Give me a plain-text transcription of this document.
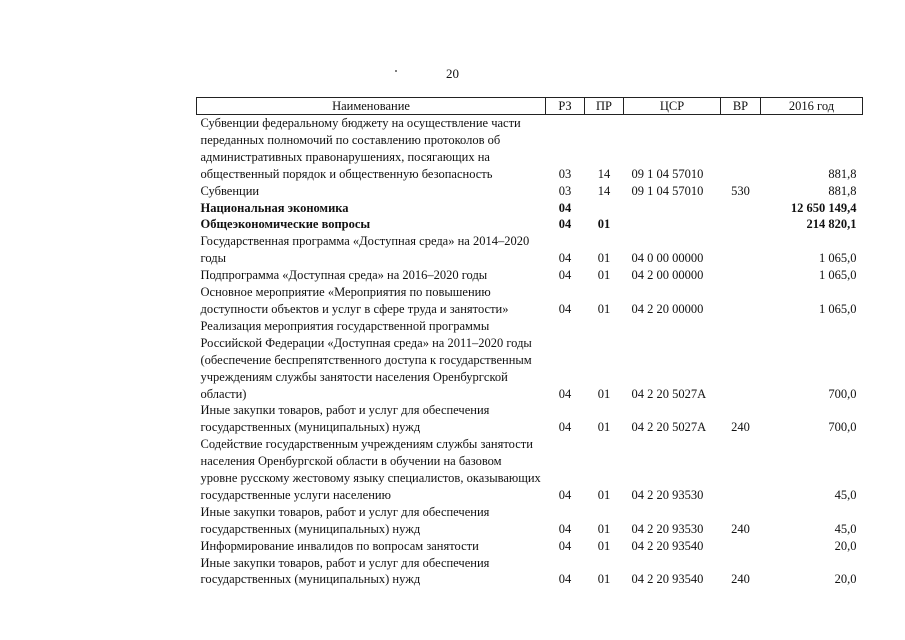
20
Наименование	РЗ	ПР	ЦСР	ВР	2016 год
Субвенции федеральному бюджету на осуществление части переданных полномочий по составлению протоколов об административных правонарушениях, посягающих на общественный порядок и общественную безопасность	03	14	09 1 04 57010		881,8
Субвенции	03	14	09 1 04 57010	530	881,8
Национальная экономика	04				12 650 149,4
Общеэкономические вопросы	04	01			214 820,1
Государственная программа «Доступная среда» на 2014–2020 годы	04	01	04 0 00 00000		1 065,0
Подпрограмма «Доступная среда» на 2016–2020 годы	04	01	04 2 00 00000		1 065,0
Основное мероприятие «Мероприятия по повышению доступности объектов и услуг в сфере труда и занятости»	04	01	04 2 20 00000		1 065,0
Реализация мероприятия государственной программы Российской Федерации «Доступная среда» на 2011–2020 годы (обеспечение беспрепятственного доступа к государственным учреждениям службы занятости населения Оренбургской области)	04	01	04 2 20 5027А		700,0
Иные закупки товаров, работ и услуг для обеспечения государственных (муниципальных) нужд	04	01	04 2 20 5027А	240	700,0
Содействие государственным учреждениям службы занятости населения Оренбургской области в обучении на базовом уровне русскому жестовому языку специалистов, оказывающих государственные услуги населению	04	01	04 2 20 93530		45,0
Иные закупки товаров, работ и услуг для обеспечения государственных (муниципальных) нужд	04	01	04 2 20 93530	240	45,0
Информирование инвалидов по вопросам занятости	04	01	04 2 20 93540		20,0
Иные закупки товаров, работ и услуг для обеспечения государственных (муниципальных) нужд	04	01	04 2 20 93540	240	20,0
